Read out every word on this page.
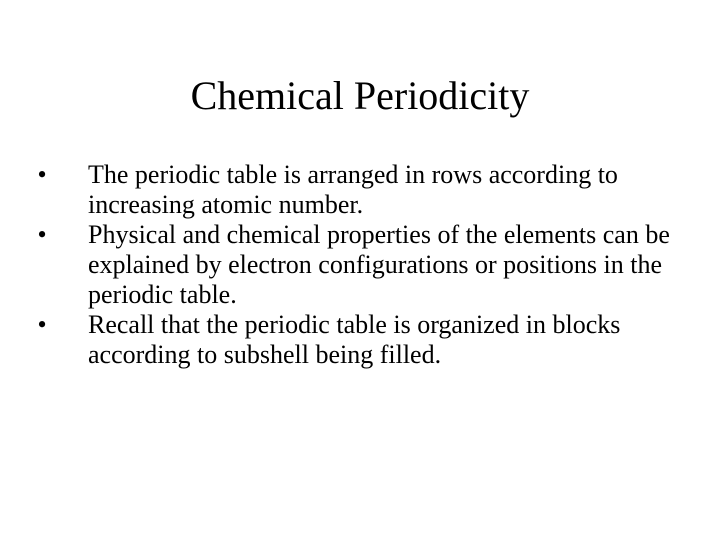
Chemical Periodicity
• The periodic table is arranged in rows according to increasing atomic number.
• Physical and chemical properties of the elements can be explained by electron configurations or positions in the periodic table.
• Recall that the periodic table is organized in blocks according to subshell being filled.
